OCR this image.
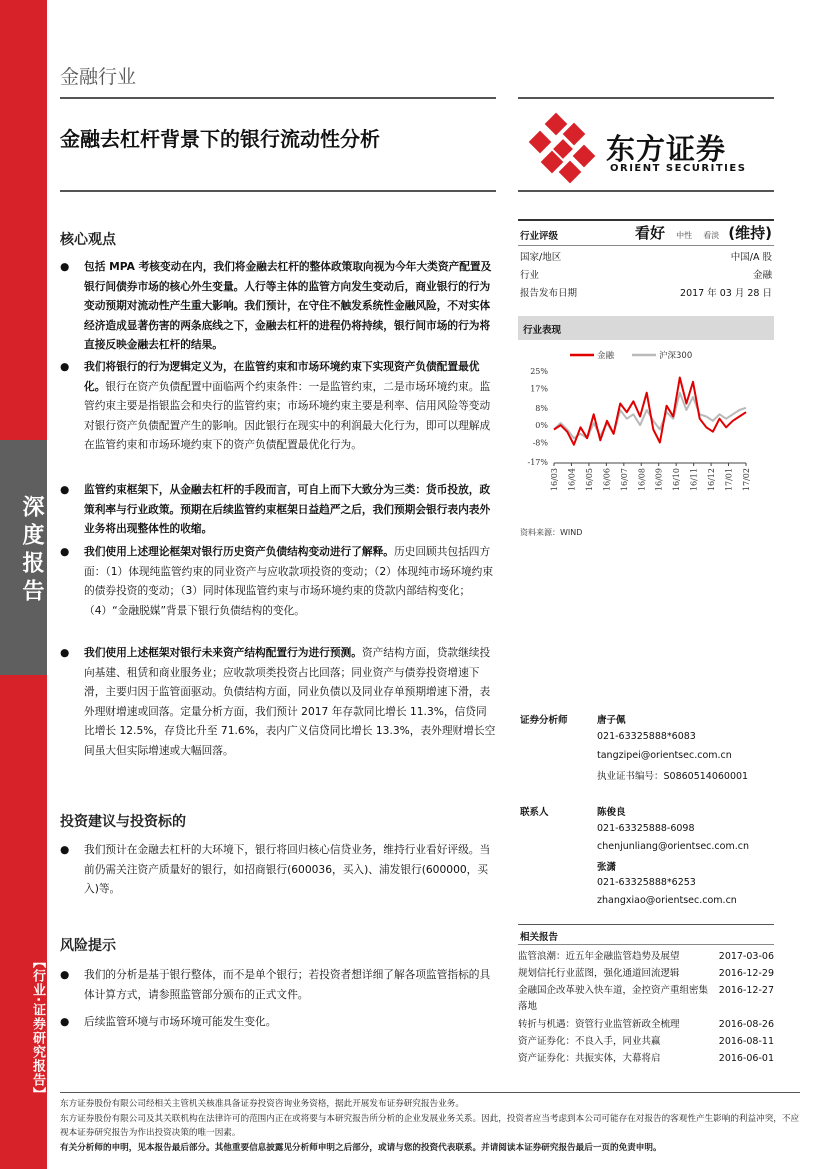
深度报告
【行业·证券研究报告】
金融行业
金融去杠杆背景下的银行流动性分析	东方证券
ORIENT SECURITIES
核心观点
● 包括 MPA 考核变动在内，我们将金融去杠杆的整体政策取向视为今年大类资产配置及银行间债券市场的核心外生变量。人行等主体的监管方向发生变动后，商业银行的行为变动预期对流动性产生重大影响。我们预计，在守住不触发系统性金融风险，不对实体经济造成显著伤害的两条底线之下，金融去杠杆的进程仍将持续，银行间市场的行为将直接反映金融去杠杆的结果。
● 我们将银行的行为逻辑定义为，在监管约束和市场环境约束下实现资产负债配置最优化。银行在资产负债配置中面临两个约束条件：一是监管约束，二是市场环境约束。监管约束主要是指银监会和央行的监管约束；市场环境约束主要是利率、信用风险等变动对银行资产负债配置产生的影响。因此银行在现实中的利润最大化行为，即可以理解成在监管约束和市场环境约束下的资产负债配置最优化行为。
● 监管约束框架下，从金融去杠杆的手段而言，可自上而下大致分为三类：货币投放，政策利率与行业政策。预期在后续监管约束框架日益趋严之后，我们预期会银行表内表外业务将出现整体性的收缩。
● 我们使用上述理论框架对银行历史资产负债结构变动进行了解释。历史回顾共包括四方面：（1）体现纯监管约束的同业资产与应收款项投资的变动；（2）体现纯市场环境约束的债券投资的变动；（3）同时体现监管约束与市场环境约束的贷款内部结构变化；（4）“金融脱媒”背景下银行负债结构的变化。
● 我们使用上述框架对银行未来资产结构配置行为进行预测。资产结构方面，贷款继续投向基建、租赁和商业服务业；应收款项类投资占比回落；同业资产与债券投资增速下滑，主要归因于监管面驱动。负债结构方面，同业负债以及同业存单预期增速下滑，表外理财增速或回落。定量分析方面，我们预计 2017 年存款同比增长 11.3%，信贷同比增长 12.5%，存贷比升至 71.6%，表内广义信贷同比增长 13.3%，表外理财增长空间虽大但实际增速或大幅回落。
投资建议与投资标的
● 我们预计在金融去杠杆的大环境下，银行将回归核心信贷业务，维持行业看好评级。当前仍需关注资产质量好的银行，如招商银行(600036，买入)、浦发银行(600000，买入)等。
风险提示
● 我们的分析是基于银行整体，而不是单个银行；若投资者想详细了解各项监管指标的具体计算方式，请参照监管部分颁布的正式文件。
● 后续监管环境与市场环境可能发生变化。
行业评级	看好 中性 看淡 (维持)
国家/地区	中国/A 股
行业	金融
报告发布日期	2017 年 03 月 28 日
行业表现
金融	沪深300
25%
17%
8%
0%
-8%
-17%
16/03 16/04 16/05 16/06 16/07 16/08 16/09 16/10 16/11 16/12 17/01 17/02
资料来源：WIND
证券分析师	唐子佩
021-63325888*6083
tangzipei@orientsec.com.cn
执业证书编号：S0860514060001
联系人	陈俊良
021-63325888-6098
chenjunliang@orientsec.com.cn
张潇
021-63325888*6253
zhangxiao@orientsec.com.cn
相关报告
监管浪潮：近五年金融监管趋势及展望	2017-03-06
规划信托行业蓝图，强化通道回流逻辑	2016-12-29
金融国企改革驶入快车道，金控资产重组密集落地
2016-12-27
转折与机遇：资管行业监管新政全梳理	2016-08-26
资产证券化：不良入手，同业共赢	2016-08-11
资产证券化：共振实体，大幕将启	2016-06-01
东方证券股份有限公司经相关主管机关核准具备证券投资咨询业务资格，据此开展发布证券研究报告业务。
东方证券股份有限公司及其关联机构在法律许可的范围内正在或将要与本研究报告所分析的企业发展业务关系。因此，投资者应当考虑到本公司可能存在对报告的客观性产生影响的利益冲突，不应视本证券研究报告为作出投资决策的唯一因素。
有关分析师的申明，见本报告最后部分。其他重要信息披露见分析师申明之后部分，或请与您的投资代表联系。并请阅读本证券研究报告最后一页的免责申明。
